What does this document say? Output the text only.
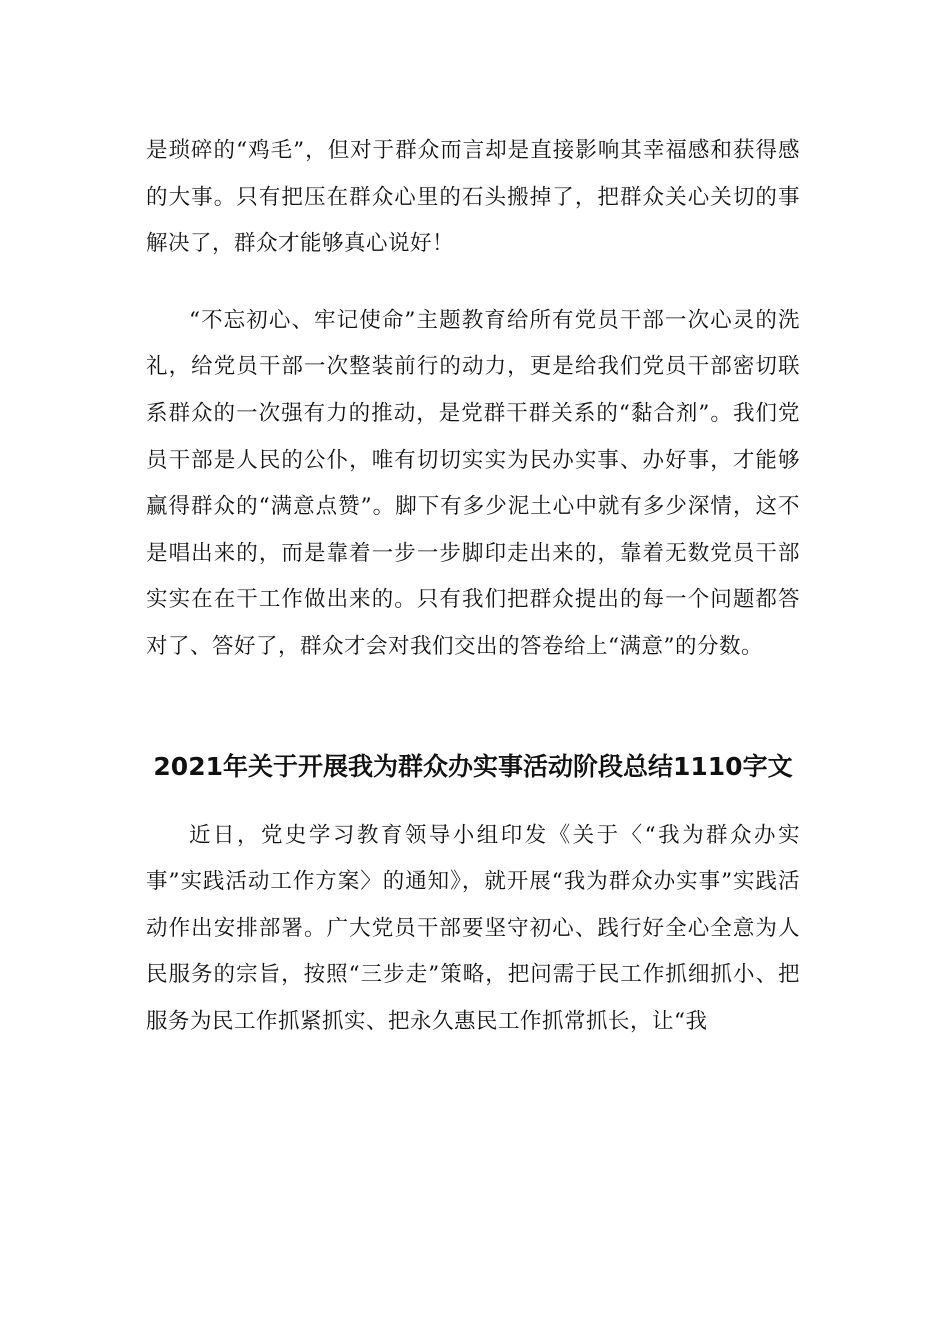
是琐碎的“鸡毛”，但对于群众而言却是直接影响其幸福感和获得感的大事。只有把压在群众心里的石头搬掉了，把群众关心关切的事解决了，群众才能够真心说好！

“不忘初心、牢记使命”主题教育给所有党员干部一次心灵的洗礼，给党员干部一次整装前行的动力，更是给我们党员干部密切联系群众的一次强有力的推动，是党群干群关系的“黏合剂”。我们党员干部是人民的公仆，唯有切切实实为民办实事、办好事，才能够赢得群众的“满意点赞”。脚下有多少泥土心中就有多少深情，这不是唱出来的，而是靠着一步一步脚印走出来的，靠着无数党员干部实实在在干工作做出来的。只有我们把群众提出的每一个问题都答对了、答好了，群众才会对我们交出的答卷给上“满意”的分数。

2021年关于开展我为群众办实事活动阶段总结1110字文

近日，党史学习教育领导小组印发《关于〈“我为群众办实事”实践活动工作方案〉的通知》，就开展“我为群众办实事”实践活动作出安排部署。广大党员干部要坚守初心、践行好全心全意为人民服务的宗旨，按照“三步走”策略，把问需于民工作抓细抓小、把服务为民工作抓紧抓实、把永久惠民工作抓常抓长，让“我
